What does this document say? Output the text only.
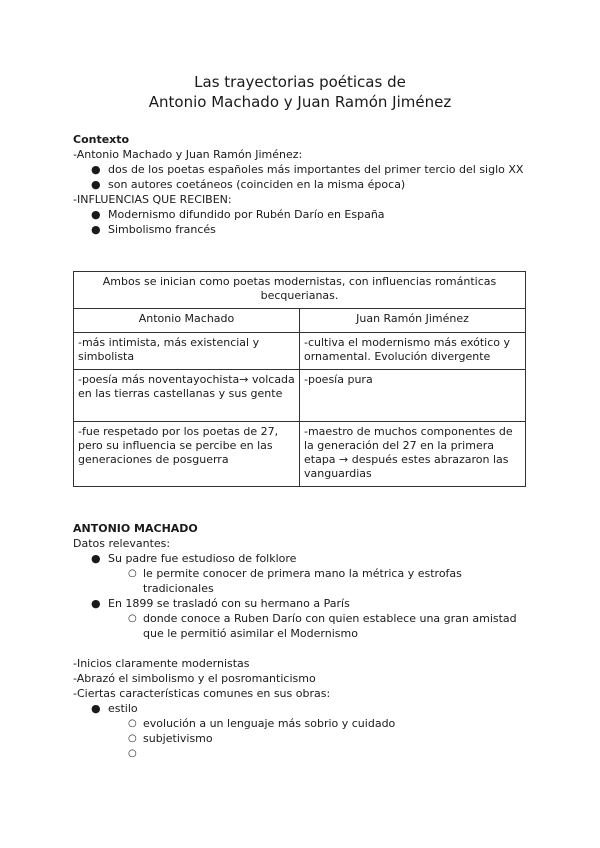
Las trayectorias poéticas de
Antonio Machado y Juan Ramón Jiménez

Contexto

-Antonio Machado y Juan Ramón Jiménez:

● dos de los poetas españoles más importantes del primer tercio del siglo XX
● son autores coetáneos (coinciden en la misma época)

-INFLUENCIAS QUE RECIBEN:

● Modernismo difundido por Rubén Darío en España
● Simbolismo francés
Ambos se inician como poetas modernistas, con influencias románticas becquerianas.	
Antonio Machado	Juan Ramón Jiménez
-más intimista, más existencial y simbolista	-cultiva el modernismo más exótico y ornamental. Evolución divergente
-poesía más noventayochista→ volcada en las tierras castellanas y sus gente	-poesía pura
-fue respetado por los poetas de 27, pero su influencia se percibe en las generaciones de posguerra	-maestro de muchos componentes de la generación del 27 en la primera etapa → después estes abrazaron las vanguardias

ANTONIO MACHADO

Datos relevantes:

● Su padre fue estudioso de folklore
○ le permite conocer de primera mano la métrica y estrofas tradicionales
● En 1899 se trasladó con su hermano a París
○ donde conoce a Ruben Darío con quien establece una gran amistad que le permitió asimilar el Modernismo

-Inicios claramente modernistas

-Abrazó el simbolismo y el posromanticismo

-Ciertas características comunes en sus obras:

● estilo
○ evolución a un lenguaje más sobrio y cuidado
○ subjetivismo
○
